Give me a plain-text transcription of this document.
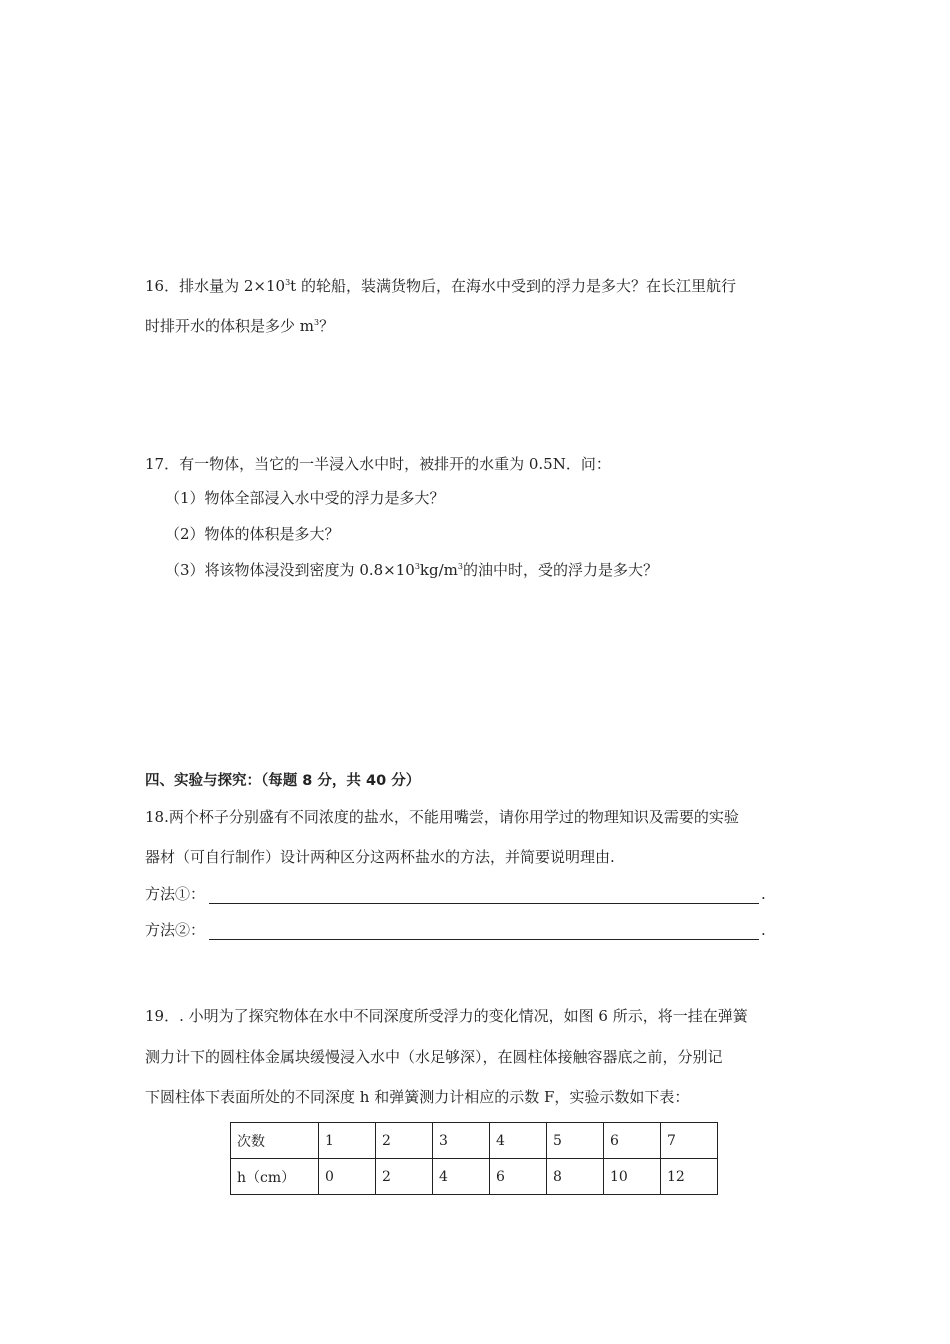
16．排水量为 $2\times 10^3t$ 的轮船，装满货物后，在海水中受到的浮力是多大？在长江里航行
时排开水的体积是多少 $m^3$？
17．有一物体，当它的一半浸入水中时，被排开的水重为 0.5N．问：
（1）物体全部浸入水中受的浮力是多大？
（2）物体的体积是多大？
（3）将该物体浸没到密度为 $0.8\times 10^3kg/m^3$的油中时，受的浮力是多大？
四、实验与探究：（每题 8 分，共 40 分）
18.两个杯子分别盛有不同浓度的盐水，不能用嘴尝，请你用学过的物理知识及需要的实验
器材（可自行制作）设计两种区分这两杯盐水的方法，并简要说明理由.
方法①：	.
方法②：	.
19．. 小明为了探究物体在水中不同深度所受浮力的变化情况，如图 6 所示，将一挂在弹簧
测力计下的圆柱体金属块缓慢浸入水中（水足够深），在圆柱体接触容器底之前，分别记
下圆柱体下表面所处的不同深度 h 和弹簧测力计相应的示数 F，实验示数如下表：
次数	1	2	3	4	5	6	7
h（cm）	0	2	4	6	8	10	12
